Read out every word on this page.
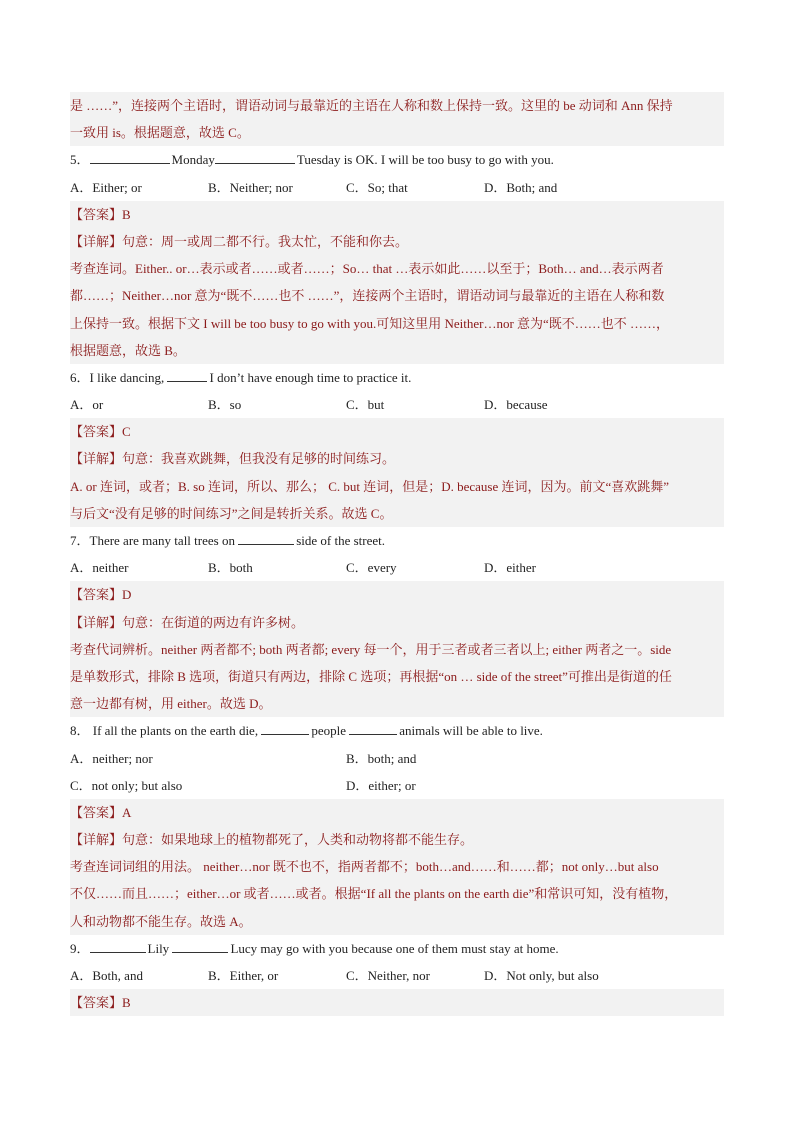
是 ……”，连接两个主语时，谓语动词与最靠近的主语在人称和数上保持一致。这里的 be 动词和 Ann 保持
一致用 is。根据题意，故选 C。
5．	Monday	Tuesday is OK. I will be too busy to go with you.
A．Either; or	B．Neither; nor	C．So; that	D．Both; and
【答案】B
【详解】句意：周一或周二都不行。我太忙，不能和你去。
考查连词。Either.. or…表示或者……或者……；So… that …表示如此……以至于；Both… and…表示两者
都……；Neither…nor 意为“既不……也不 ……”，连接两个主语时，谓语动词与最靠近的主语在人称和数
上保持一致。根据下文 I will be too busy to go with you.可知这里用 Neither…nor 意为“既不……也不 ……，
根据题意，故选 B。
6．I like dancing,	I don’t have enough time to practice it.
A．or	B．so	C．but	D．because
【答案】C
【详解】句意：我喜欢跳舞，但我没有足够的时间练习。
A. or 连词，或者；B. so 连词，所以、那么； C. but 连词，但是；D. because 连词，因为。前文“喜欢跳舞”
与后文“没有足够的时间练习”之间是转折关系。故选 C。
7．There are many tall trees on	side of the street.
A．neither	B．both	C．every	D．either
【答案】D
【详解】句意：在街道的两边有许多树。
考查代词辨析。neither 两者都不; both 两者都; every 每一个，用于三者或者三者以上; either 两者之一。side
是单数形式，排除 B 选项，街道只有两边，排除 C 选项；再根据“on … side of the street”可推出是街道的任
意一边都有树，用 either。故选 D。
8． If all the plants on the earth die,	people	animals will be able to live.
A．neither; nor	B．both; and
C．not only; but also	D．either; or
【答案】A
【详解】句意：如果地球上的植物都死了，人类和动物将都不能生存。
考查连词词组的用法。 neither…nor 既不也不，指两者都不；both…and……和……都；not only…but also
不仅……而且……；either…or 或者……或者。根据“If all the plants on the earth die”和常识可知，没有植物，
人和动物都不能生存。故选 A。
9．	Lily	Lucy may go with you because one of them must stay at home.
A．Both, and	B．Either, or	C．Neither, nor	D．Not only, but also
【答案】B
